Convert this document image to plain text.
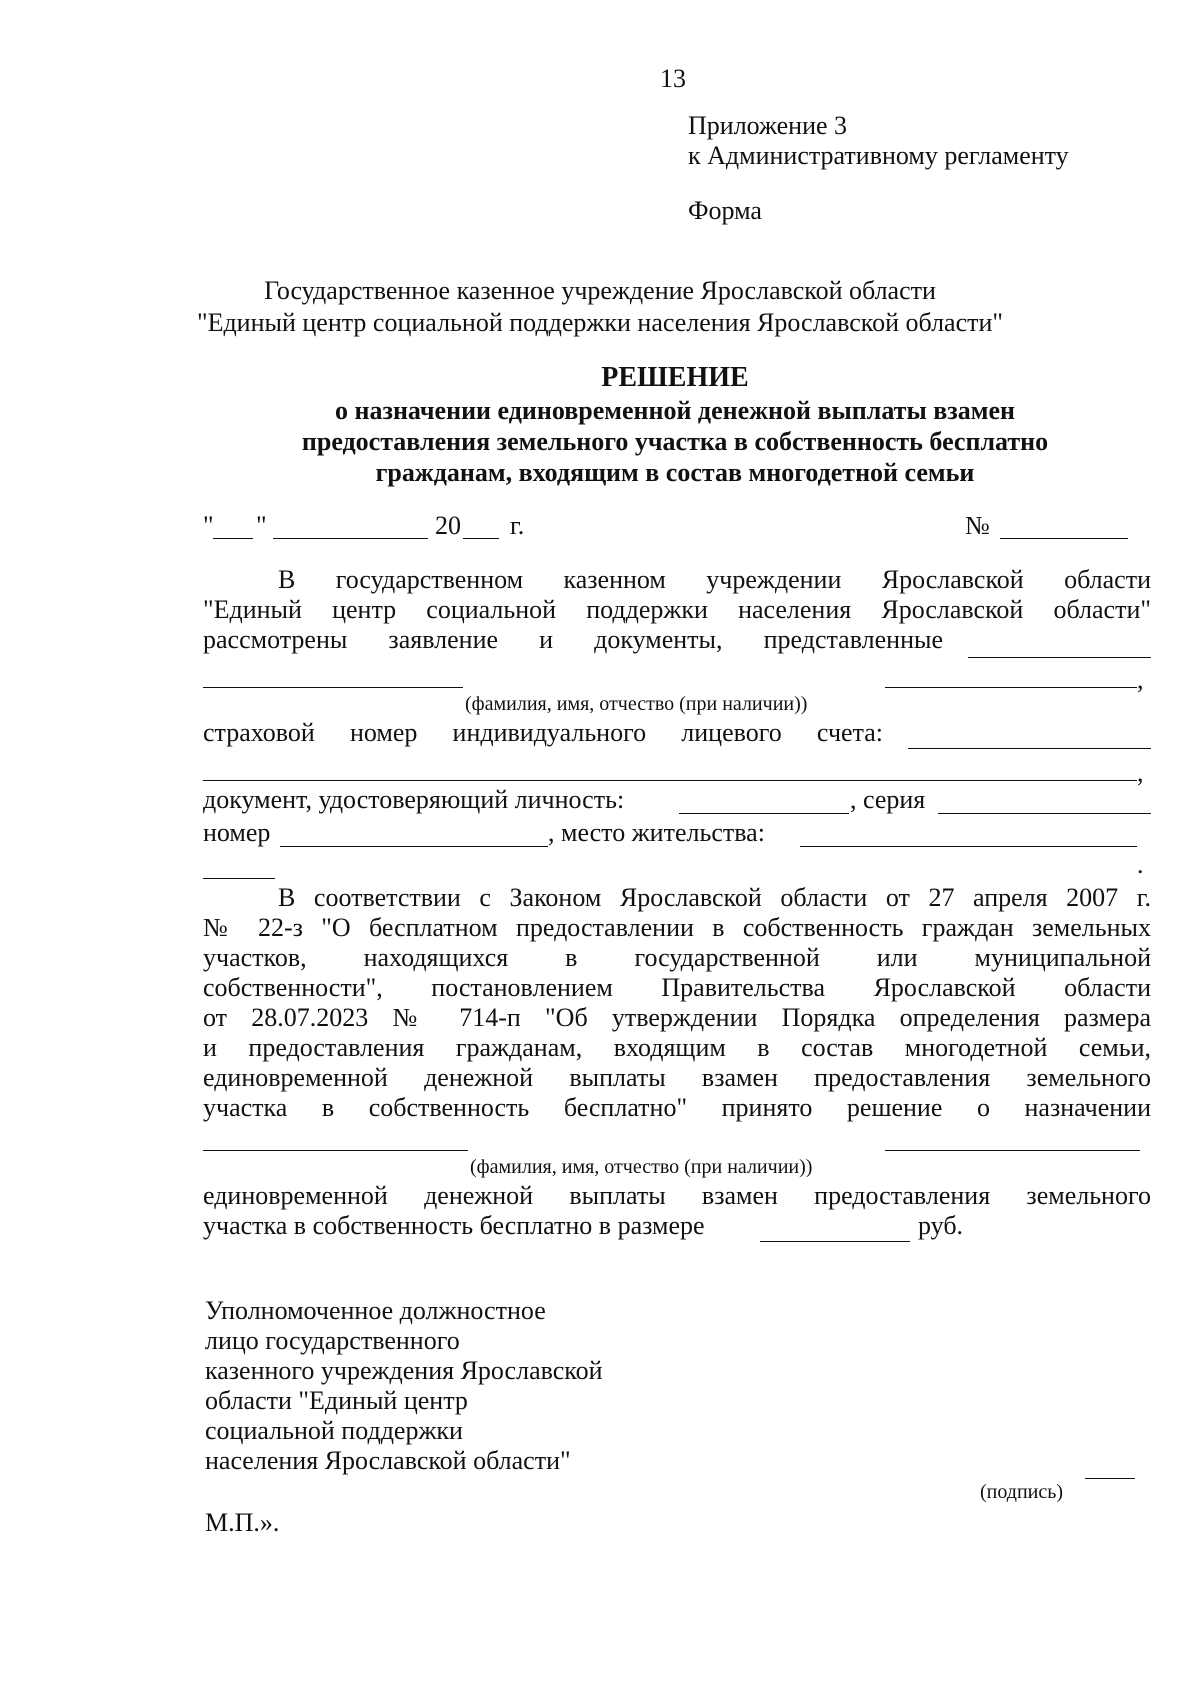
13
Приложение 3
к Административному регламенту
Форма
Государственное казенное учреждение Ярославской области
"Единый центр социальной поддержки населения Ярославской области"
РЕШЕНИЕ
о назначении единовременной денежной выплаты взамен
предоставления земельного участка в собственность бесплатно
гражданам, входящим в состав многодетной семьи
" "	20 г.	№
В государственном казенном учреждении Ярославской области
"Единый центр социальной поддержки населения Ярославской области"
рассмотрены заявление и документы, представленные
,
(фамилия, имя, отчество (при наличии))
страховой номер индивидуального лицевого счета:
,
документ, удостоверяющий личность:	, серия
номер	, место жительства:
.
В соответствии с Законом Ярославской области от 27 апреля 2007 г.
№ 22-з "О бесплатном предоставлении в собственность граждан земельных
участков, находящихся в государственной или муниципальной
собственности", постановлением Правительства Ярославской области
от 28.07.2023 № 714-п "Об утверждении Порядка определения размера
и предоставления гражданам, входящим в состав многодетной семьи,
единовременной денежной выплаты взамен предоставления земельного
участка в собственность бесплатно" принято решение о назначении
(фамилия, имя, отчество (при наличии))
единовременной денежной выплаты взамен предоставления земельного
участка в собственность бесплатно в размере	руб.
Уполномоченное должностное
лицо государственного
казенного учреждения Ярославской
области "Единый центр
социальной поддержки
населения Ярославской области"
(подпись)
М.П.».
